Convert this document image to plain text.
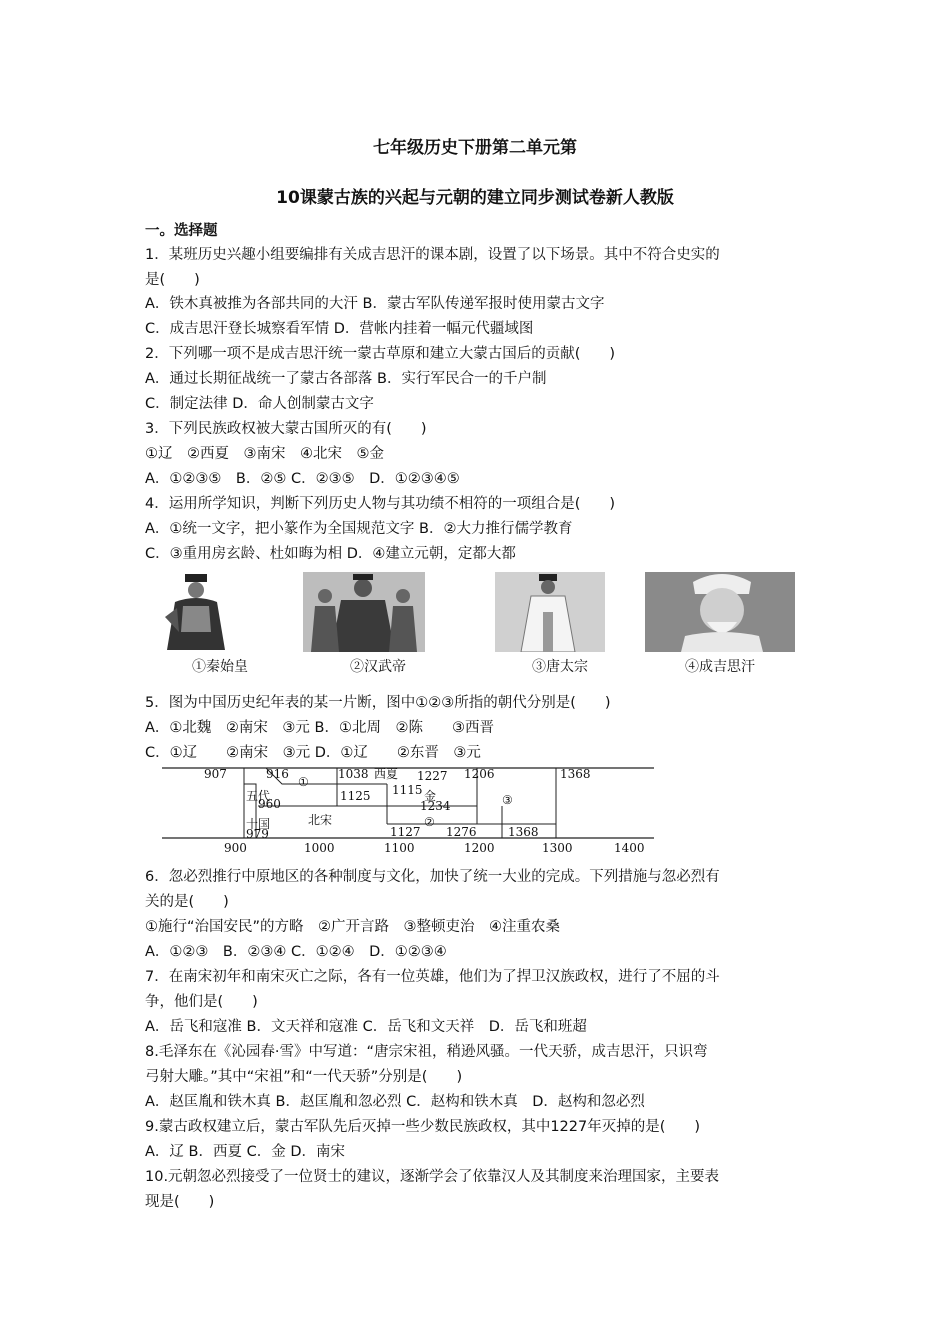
七年级历史下册第二单元第
10课蒙古族的兴起与元朝的建立同步测试卷新人教版
一。选择题
1．某班历史兴趣小组要编排有关成吉思汗的课本剧，设置了以下场景。其中不符合史实的
是(　　)
A．铁木真被推为各部共同的大汗 B．蒙古军队传递军报时使用蒙古文字
C．成吉思汗登长城察看军情 D．营帐内挂着一幅元代疆域图
2．下列哪一项不是成吉思汗统一蒙古草原和建立大蒙古国后的贡献(　　)
A．通过长期征战统一了蒙古各部落 B．实行军民合一的千户制
C．制定法律 D．命人创制蒙古文字
3．下列民族政权被大蒙古国所灭的有(　　)
①辽　②西夏　③南宋　④北宋　⑤金
A．①②③⑤　B．②⑤ C．②③⑤　D．①②③④⑤
4．运用所学知识，判断下列历史人物与其功绩不相符的一项组合是(　　)
A．①统一文字，把小篆作为全国规范文字 B．②大力推行儒学教育
C．③重用房玄龄、杜如晦为相 D．④建立元朝，定都大都
①秦始皇	②汉武帝	③唐太宗	④成吉思汗
5．图为中国历史纪年表的某一片断，图中①②③所指的朝代分别是(　　)
A．①北魏　②南宋　③元 B．①北周　②陈　　③西晋
C．①辽　　②南宋　③元 D．①辽　　②东晋　③元
907	916	1038 西夏 1227 1206	1368
①
五代
960
十国
979
1125 1115 金
1234	③
北宋	②
1127 1276	1368
900	1000	1100	1200	1300	1400
6．忽必烈推行中原地区的各种制度与文化，加快了统一大业的完成。下列措施与忽必烈有
关的是(　　)
①施行“治国安民”的方略　②广开言路　③整顿吏治　④注重农桑
A．①②③　B．②③④ C．①②④　D．①②③④
7．在南宋初年和南宋灭亡之际，各有一位英雄，他们为了捍卫汉族政权，进行了不屈的斗
争，他们是(　　)
A．岳飞和寇准 B．文天祥和寇准 C．岳飞和文天祥　D．岳飞和班超
8.毛泽东在《沁园春·雪》中写道：“唐宗宋祖，稍逊风骚。一代天骄，成吉思汗，只识弯
弓射大雕。”其中“宋祖”和“一代天骄”分别是(　　)
A．赵匡胤和铁木真 B．赵匡胤和忽必烈 C．赵构和铁木真　D．赵构和忽必烈
9.蒙古政权建立后，蒙古军队先后灭掉一些少数民族政权，其中1227年灭掉的是(　　)
A．辽 B．西夏 C．金 D．南宋
10.元朝忽必烈接受了一位贤士的建议，逐渐学会了依靠汉人及其制度来治理国家，主要表
现是(　　)
